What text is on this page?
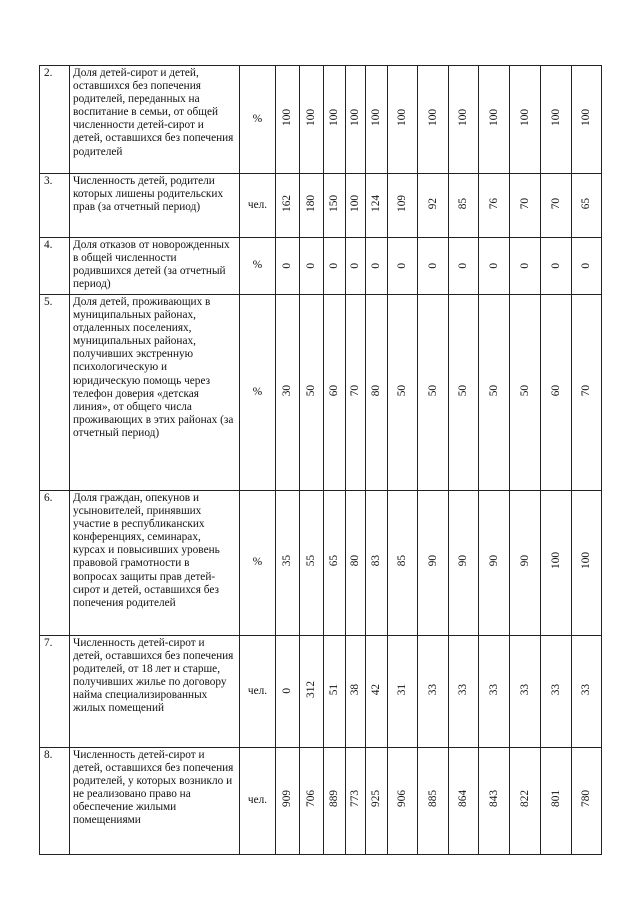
2.	Доля детей-сирот и детей, оставшихся без попечения родителей, переданных на воспитание в семьи, от общей численности детей-сирот и детей, оставшихся без попечения родителей	%	100	100	100	100	100	100	100	100	100	100	100	100
3.	Численность детей, родители которых лишены родительских прав (за отчетный период)	чел.	162	180	150	100	124	109	92	85	76	70	70	65
4.	Доля отказов от новорожденных в общей численности родившихся детей (за отчетный период)	%	0	0	0	0	0	0	0	0	0	0	0	0
5.	Доля детей, проживающих в муниципальных районах, отдаленных поселениях, муниципальных районах, получивших экстренную психологическую и юридическую помощь через телефон доверия «детская линия», от общего числа проживающих в этих районах (за отчетный период)	%	30	50	60	70	80	50	50	50	50	50	60	70
6.	Доля граждан, опекунов и усыновителей, принявших участие в республиканских конференциях, семинарах, курсах и повысивших уровень правовой грамотности в вопросах защиты прав детей-сирот и детей, оставшихся без попечения родителей	%	35	55	65	80	83	85	90	90	90	90	100	100
7.	Численность детей-сирот и детей, оставшихся без попечения родителей, от 18 лет и старше, получивших жилье по договору найма специализированных жилых помещений	чел.	0	312	51	38	42	31	33	33	33	33	33	33
8.	Численность детей-сирот и детей, оставшихся без попечения родителей, у которых возникло и не реализовано право на обеспечение жилыми помещениями	чел.	909	706	889	773	925	906	885	864	843	822	801	780
